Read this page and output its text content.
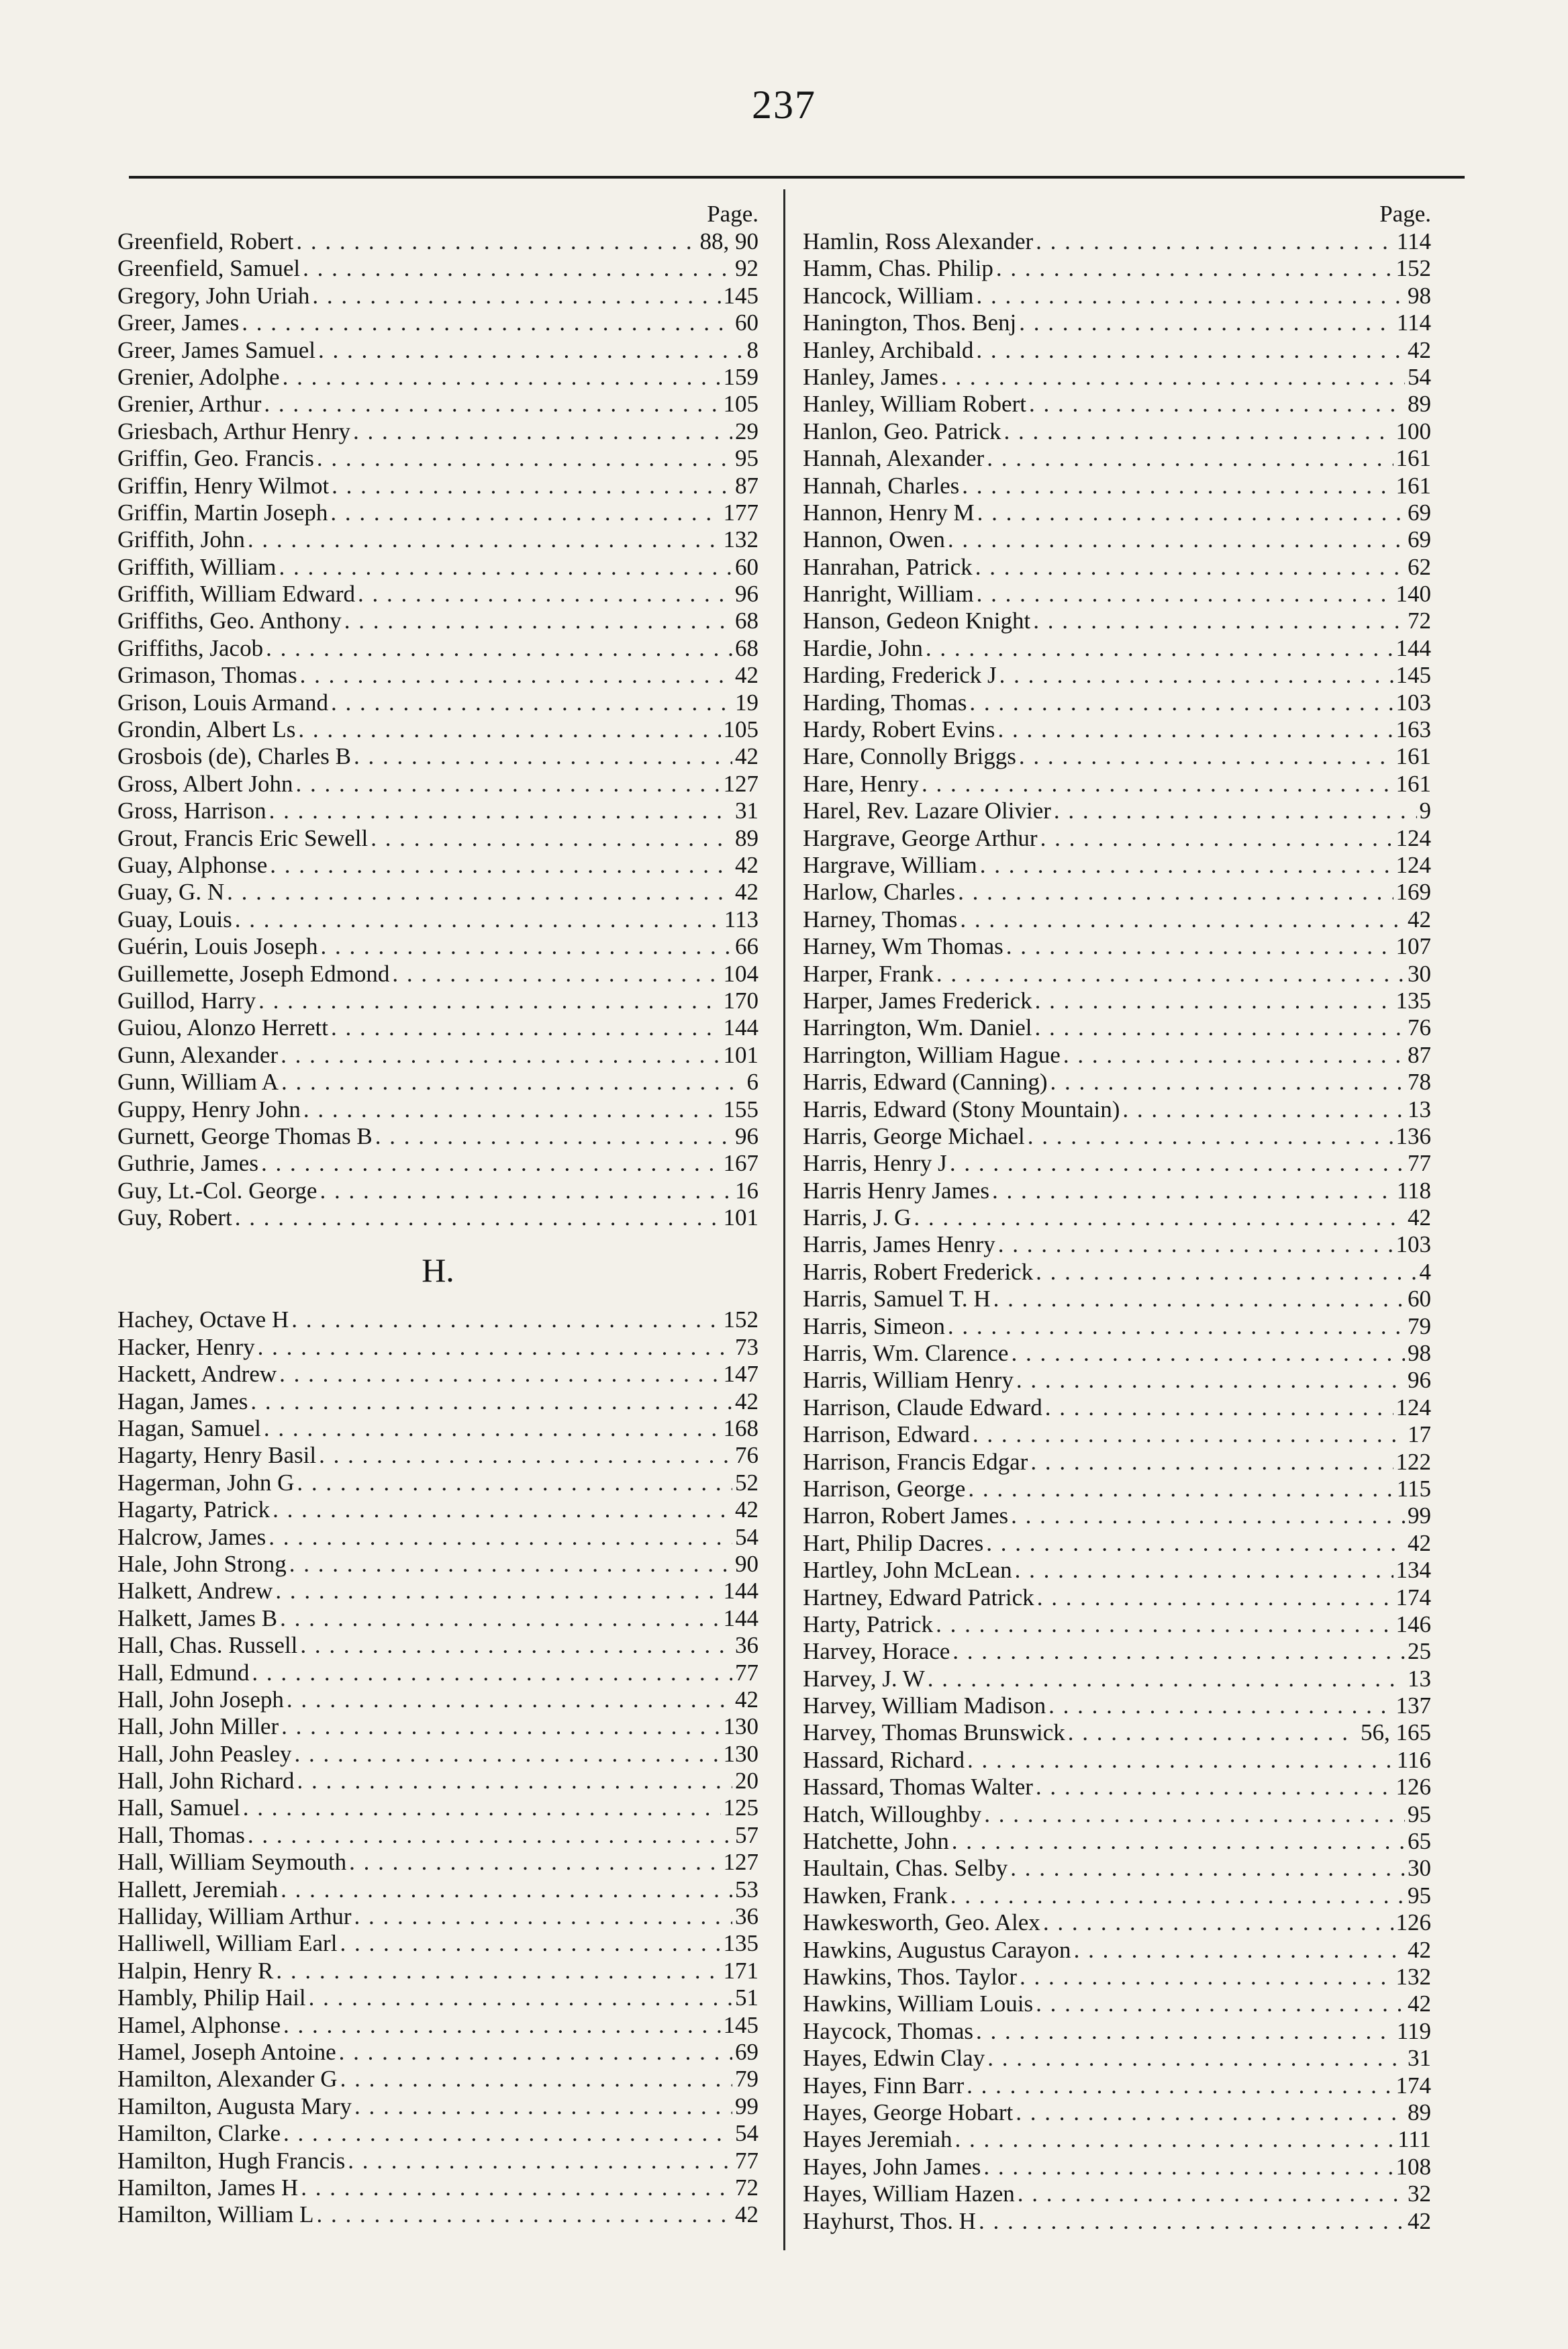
237
Page.
Greenfield, Robert . . .	88, 90
Greenfield, Samuel . . .	92
Gregory, John Uriah . . .	145
Greer, James . . .	60
Greer, James Samuel . . .	8
Grenier, Adolphe . . .	159
Grenier, Arthur . . .	105
Griesbach, Arthur Henry . . .	29
Griffin, Geo. Francis . . .	95
Griffin, Henry Wilmot . . .	87
Griffin, Martin Joseph . . .	177
Griffith, John . . .	132
Griffith, William . . .	60
Griffith, William Edward . . .	96
Griffiths, Geo. Anthony . . .	68
Griffiths, Jacob . . .	68
Grimason, Thomas . . .	42
Grison, Louis Armand . . .	19
Grondin, Albert Ls . . .	105
Grosbois (de), Charles B . . .	42
Gross, Albert John . . .	127
Gross, Harrison . . .	31
Grout, Francis Eric Sewell . . .	89
Guay, Alphonse . . .	42
Guay, G. N . . .	42
Guay, Louis . . .	113
Guérin, Louis Joseph . . .	66
Guillemette, Joseph Edmond . . .	104
Guillod, Harry . . .	170
Guiou, Alonzo Herrett . . .	144
Gunn, Alexander . . .	101
Gunn, William A . . .	6
Guppy, Henry John . . .	155
Gurnett, George Thomas B . . .	96
Guthrie, James . . .	167
Guy, Lt.-Col. George . . .	16
Guy, Robert . . .	101
H.
Hachey, Octave H . . .	152
Hacker, Henry . . .	73
Hackett, Andrew . . .	147
Hagan, James . . .	42
Hagan, Samuel . . .	168
Hagarty, Henry Basil . . .	76
Hagerman, John G . . .	52
Hagarty, Patrick . . .	42
Halcrow, James . . .	54
Hale, John Strong . . .	90
Halkett, Andrew . . .	144
Halkett, James B . . .	144
Hall, Chas. Russell . . .	36
Hall, Edmund . . .	77
Hall, John Joseph . . .	42
Hall, John Miller . . .	130
Hall, John Peasley . . .	130
Hall, John Richard . . .	20
Hall, Samuel . . .	125
Hall, Thomas . . .	57
Hall, William Seymouth . . .	127
Hallett, Jeremiah . . .	53
Halliday, William Arthur . . .	36
Halliwell, William Earl . . .	135
Halpin, Henry R . . .	171
Hambly, Philip Hail . . .	51
Hamel, Alphonse . . .	145
Hamel, Joseph Antoine . . .	69
Hamilton, Alexander G . . .	79
Hamilton, Augusta Mary . . .	99
Hamilton, Clarke . . .	54
Hamilton, Hugh Francis . . .	77
Hamilton, James H . . .	72
Hamilton, William L . . .	42
Page.
Hamlin, Ross Alexander . . .	114
Hamm, Chas. Philip . . .	152
Hancock, William . . .	98
Hanington, Thos. Benj . . .	114
Hanley, Archibald . . .	42
Hanley, James . . .	54
Hanley, William Robert . . .	89
Hanlon, Geo. Patrick . . .	100
Hannah, Alexander . . .	161
Hannah, Charles . . .	161
Hannon, Henry M . . .	69
Hannon, Owen . . .	69
Hanrahan, Patrick . . .	62
Hanright, William . . .	140
Hanson, Gedeon Knight . . .	72
Hardie, John . . .	144
Harding, Frederick J . . .	145
Harding, Thomas . . .	103
Hardy, Robert Evins . . .	163
Hare, Connolly Briggs . . .	161
Hare, Henry . . .	161
Harel, Rev. Lazare Olivier . . .	9
Hargrave, George Arthur . . .	124
Hargrave, William . . .	124
Harlow, Charles . . .	169
Harney, Thomas . . .	42
Harney, Wm Thomas . . .	107
Harper, Frank . . .	30
Harper, James Frederick . . .	135
Harrington, Wm. Daniel . . .	76
Harrington, William Hague . . .	87
Harris, Edward (Canning) . . .	78
Harris, Edward (Stony Mountain) . . .	13
Harris, George Michael . . .	136
Harris, Henry J . . .	77
Harris Henry James . . .	118
Harris, J. G . . .	42
Harris, James Henry . . .	103
Harris, Robert Frederick . . .	4
Harris, Samuel T. H . . .	60
Harris, Simeon . . .	79
Harris, Wm. Clarence . . .	98
Harris, William Henry . . .	96
Harrison, Claude Edward . . .	124
Harrison, Edward . . .	17
Harrison, Francis Edgar . . .	122
Harrison, George . . .	115
Harron, Robert James . . .	99
Hart, Philip Dacres . . .	42
Hartley, John McLean . . .	134
Hartney, Edward Patrick . . .	174
Harty, Patrick . . .	146
Harvey, Horace . . .	25
Harvey, J. W . . .	13
Harvey, William Madison . . .	137
Harvey, Thomas Brunswick . . .	56, 165
Hassard, Richard . . .	116
Hassard, Thomas Walter . . .	126
Hatch, Willoughby . . .	95
Hatchette, John . . .	65
Haultain, Chas. Selby . . .	30
Hawken, Frank . . .	95
Hawkesworth, Geo. Alex . . .	126
Hawkins, Augustus Carayon . . .	42
Hawkins, Thos. Taylor . . .	132
Hawkins, William Louis . . .	42
Haycock, Thomas . . .	119
Hayes, Edwin Clay . . .	31
Hayes, Finn Barr . . .	174
Hayes, George Hobart . . .	89
Hayes Jeremiah . . .	111
Hayes, John James . . .	108
Hayes, William Hazen . . .	32
Hayhurst, Thos. H . . .	42
